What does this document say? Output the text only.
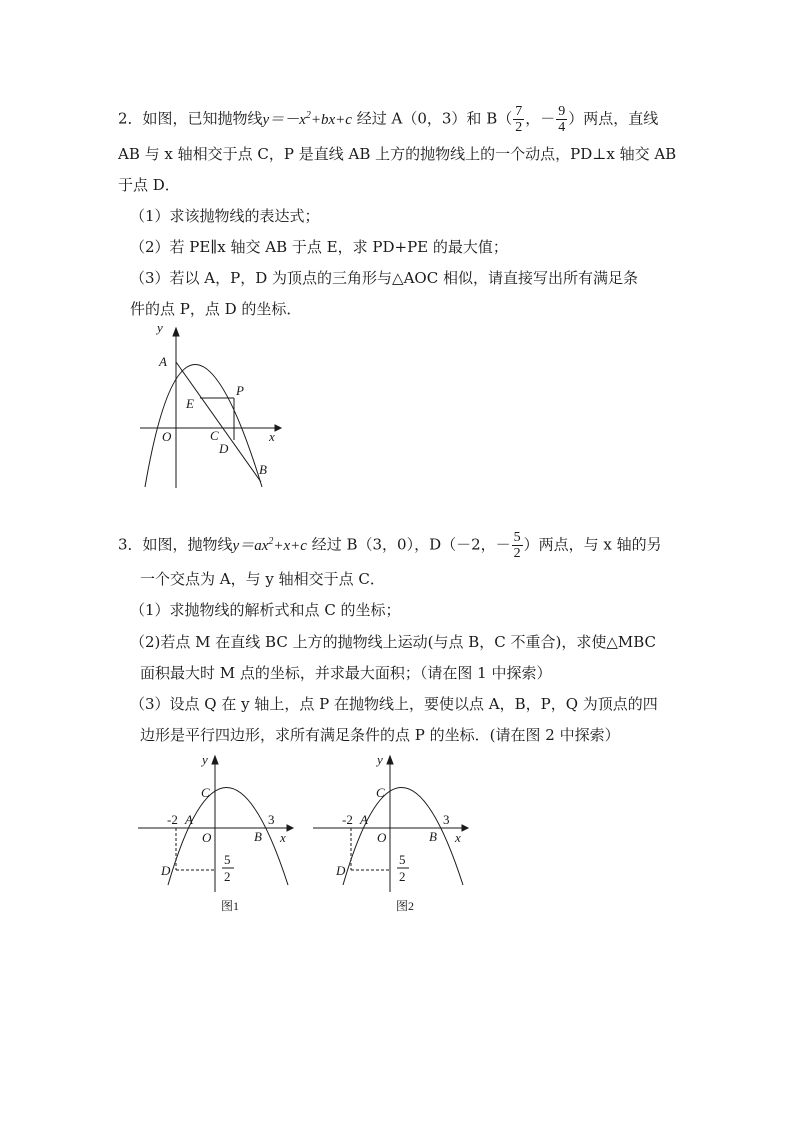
2．如图，已知抛物线$y=-x^2+bx+c$ 经过 A（0，3）和 $B( \frac{7}{2}$ ，－ $\frac{9}{4}$ ）两点，直线
AB 与 x 轴相交于点 C，P 是直线 AB 上方的抛物线上的一个动点，PD⊥x 轴交 AB
于点 D．
（1）求该抛物线的表达式；
（2）若 PE∥x 轴交 AB 于点 E，求 PD+PE 的最大值；
（3）若以 A，P，D 为顶点的三角形与△AOC 相似，请直接写出所有满足条
件的点 P，点 D 的坐标．
y
A
P
E
O	C	x
D
B
3．如图，抛物线$y=ax^2+x+c$ 经过 B（3，0），D（－2，－ $\frac{5}{2}$ ）两点，与 x 轴的另
一个交点为 A，与 y 轴相交于点 C．
（1）求抛物线的解析式和点 C 的坐标；
（2)若点 M 在直线 BC 上方的抛物线上运动(与点 B，C 不重合)，求使△MBC
面积最大时 M 点的坐标，并求最大面积；（请在图 1 中探索）
（3）设点 Q 在 y 轴上，点 P 在抛物线上，要使以点 A，B，P，Q 为顶点的四
边形是平行四边形，求所有满足条件的点 P 的坐标．(请在图 2 中探索）
y
C
-2 A	3
O	B x
D
5
2
图1
y
C
-2 A	3
O	B x
D
5
2
图2
